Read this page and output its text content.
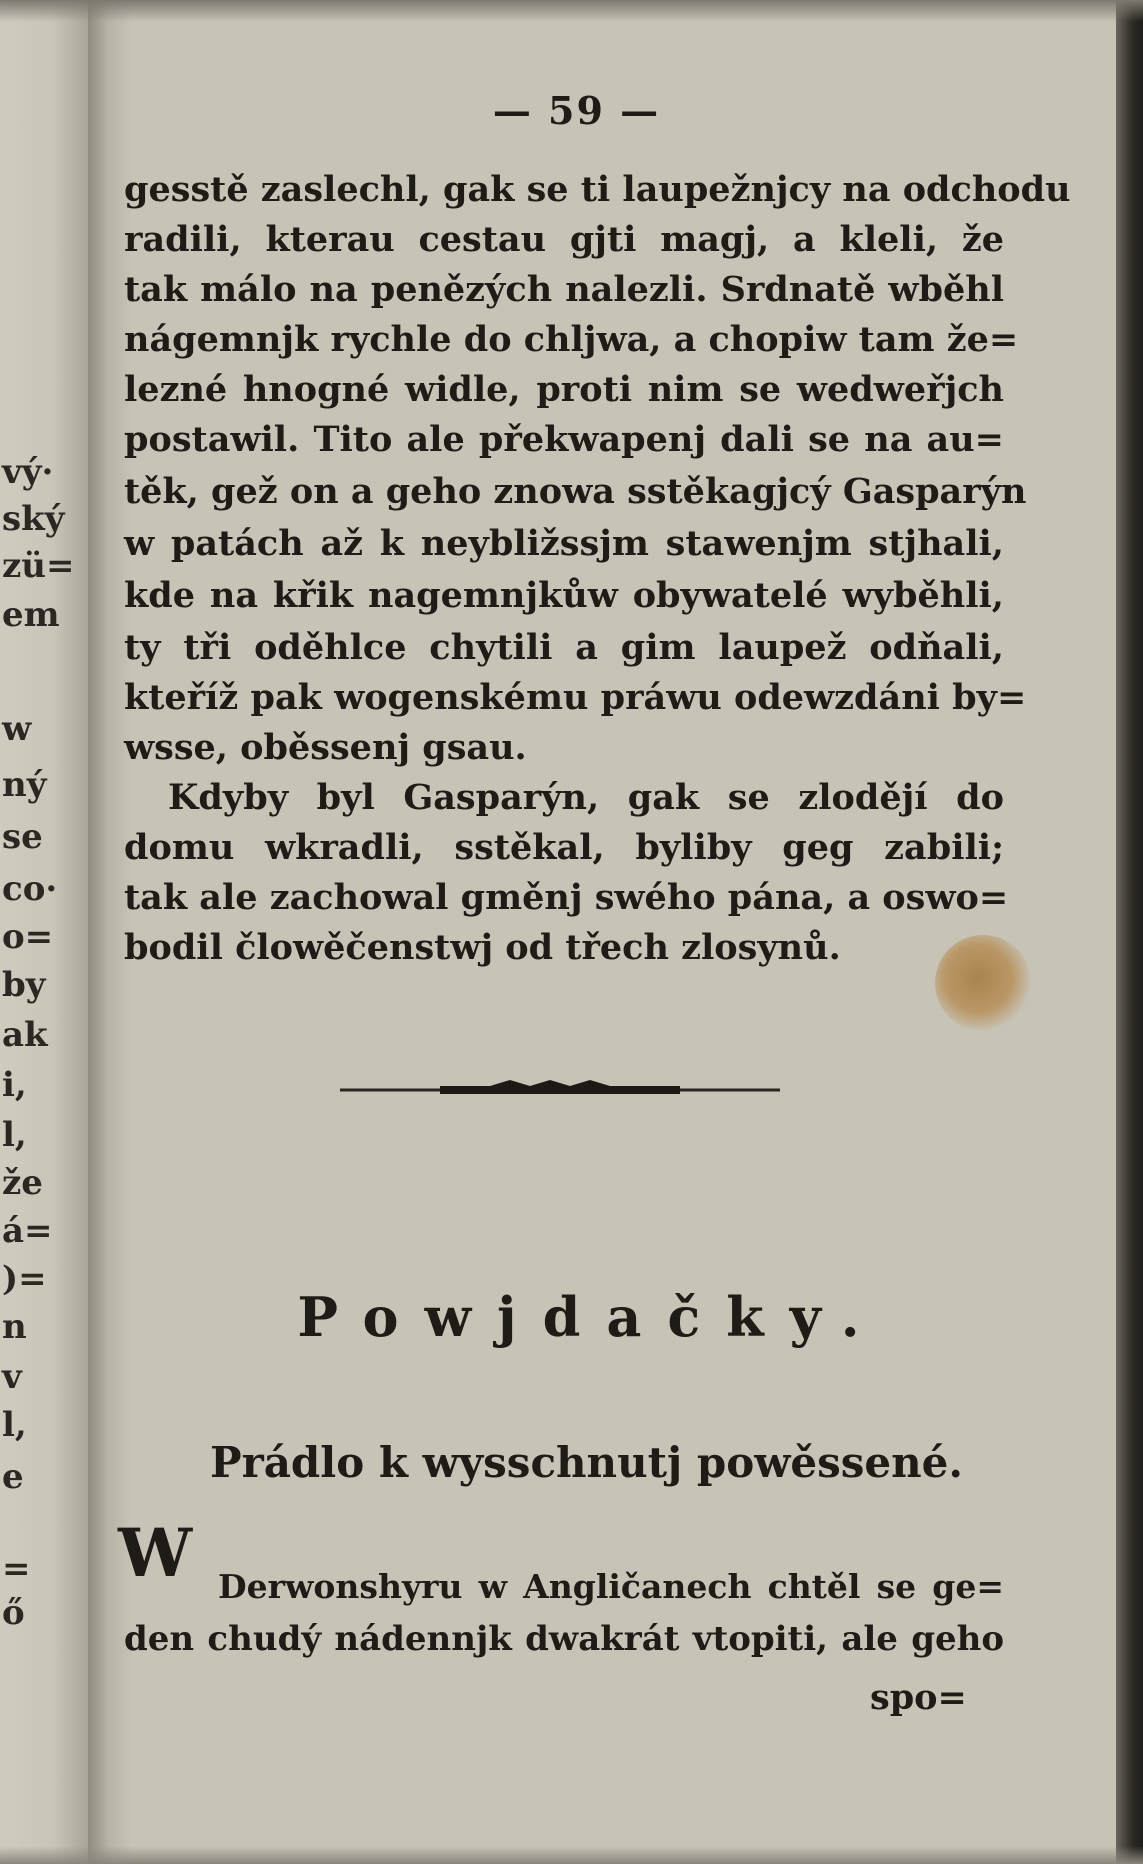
vý·
ský
zü=
em
w
ný
se
co·
o=
by
ak
i,
l,
že
á=
)=
n
v
l,
e
=
ő
— 59 —
gesstě zaslechl, gak se ti laupežnjcy na odchodu
radili, kterau cestau gjti magj, a kleli, že
tak málo na penězých nalezli. Srdnatě wběhl
nágemnjk rychle do chljwa, a chopiw tam že=
lezné hnogné widle, proti nim se wedweřjch
postawil. Tito ale překwapenj dali se na au=
těk, gež on a geho znowa sstěkagjcý Gasparýn
w patách až k neybližssjm stawenjm stjhali,
kde na křik nagemnjkůw obywatelé wyběhli,
ty tři oděhlce chytili a gim laupež odňali,
kteříž pak wogenskému práwu odewzdáni by=
wsse, oběssenj gsau.
Kdyby byl Gasparýn, gak se zlodějí do
domu wkradli, sstěkal, byliby geg zabili;
tak ale zachowal gměnj swého pána, a oswo=
bodil člowěčenstwj od třech zlosynů.
Powjdačky.
Prádlo k wysschnutj powěssené.
W Derwonshyru w Angličanech chtěl se ge=
den chudý nádennjk dwakrát vtopiti, ale geho
spo=
